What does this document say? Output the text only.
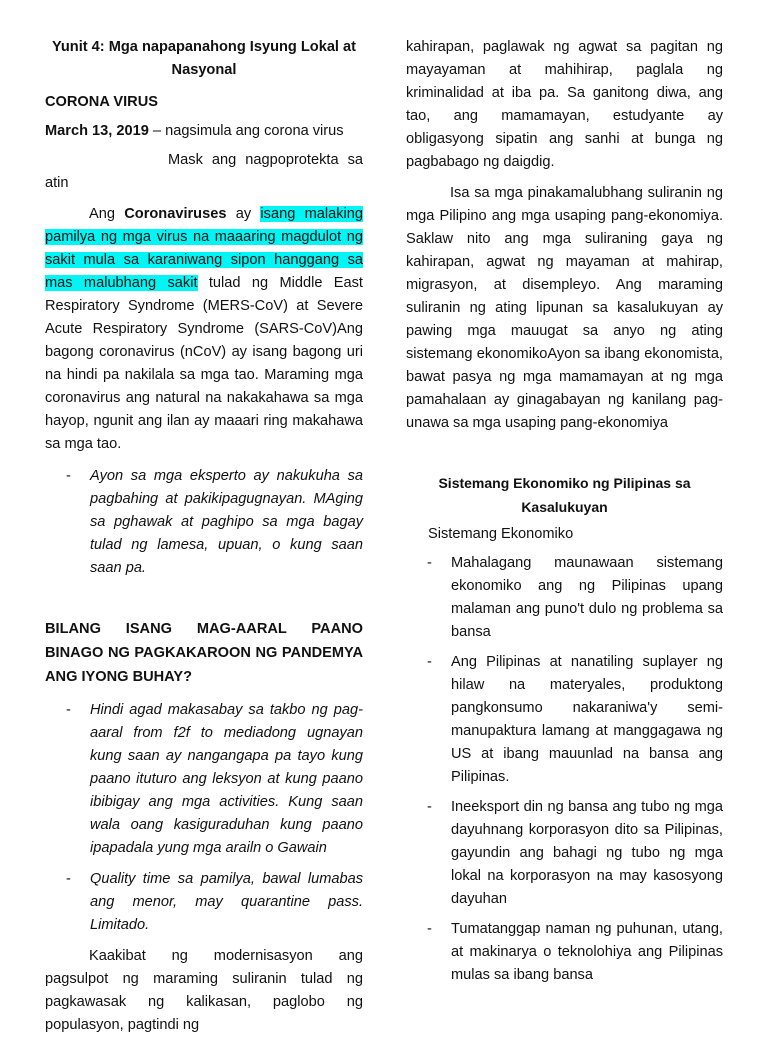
Yunit 4: Mga napapanahong Isyung Lokal at Nasyonal

CORONA VIRUS

March 13, 2019 – nagsimula ang corona virus

Mask ang nagpoprotekta sa atin

Ang Coronaviruses ay isang malaking pamilya ng mga virus na maaaring magdulot ng sakit mula sa karaniwang sipon hanggang sa mas malubhang sakit tulad ng Middle East Respiratory Syndrome (MERS-CoV) at Severe Acute Respiratory Syndrome (SARS-CoV)Ang bagong coronavirus (nCoV) ay isang bagong uri na hindi pa nakilala sa mga tao. Maraming mga coronavirus ang natural na nakakahawa sa mga hayop, ngunit ang ilan ay maaari ring makahawa sa mga tao.

- Ayon sa mga eksperto ay nakukuha sa pagbahing at pakikipagugnayan. MAging sa pghawak at paghipo sa mga bagay tulad ng lamesa, upuan, o kung saan saan pa.

BILANG ISANG MAG-AARAL PAANO BINAGO NG PAGKAKAROON NG PANDEMYA ANG IYONG BUHAY?

- Hindi agad makasabay sa takbo ng pag-aaral from f2f to mediadong ugnayan kung saan ay nangangapa pa tayo kung paano ituturo ang leksyon at kung paano ibibigay ang mga activities. Kung saan wala oang kasiguraduhan kung paano ipapadala yung mga arailn o Gawain
- Quality time sa pamilya, bawal lumabas ang menor, may quarantine pass. Limitado.

Kaakibat ng modernisasyon ang pagsulpot ng maraming suliranin tulad ng pagkawasak ng kalikasan, paglobo ng populasyon, pagtindi ng

kahirapan, paglawak ng agwat sa pagitan ng mayayaman at mahihirap, paglala ng kriminalidad at iba pa. Sa ganitong diwa, ang tao, ang mamamayan, estudyante ay obligasyong sipatin ang sanhi at bunga ng pagbabago ng daigdig.

Isa sa mga pinakamalubhang suliranin ng mga Pilipino ang mga usaping pang-ekonomiya. Saklaw nito ang mga suliraning gaya ng kahirapan, agwat ng mayaman at mahirap, migrasyon, at disempleyo. Ang maraming suliranin ng ating lipunan sa kasalukuyan ay pawing mga mauugat sa anyo ng ating sistemang ekonomikoAyon sa ibang ekonomista, bawat pasya ng mga mamamayan at ng mga pamahalaan ay ginagabayan ng kanilang pag-unawa sa mga usaping pang-ekonomiya

Sistemang Ekonomiko ng Pilipinas sa Kasalukuyan

Sistemang Ekonomiko

- Mahalagang maunawaan sistemang ekonomiko ang ng Pilipinas upang malaman ang puno't dulo ng problema sa bansa
- Ang Pilipinas at nanatiling suplayer ng hilaw na materyales, produktong pangkonsumo nakaraniwa'y semi-manupaktura lamang at manggagawa ng US at ibang mauunlad na bansa ang Pilipinas.
- Ineeksport din ng bansa ang tubo ng mga dayuhnang korporasyon dito sa Pilipinas, gayundin ang bahagi ng tubo ng mga lokal na korporasyon na may kasosyong dayuhan
- Tumatanggap naman ng puhunan, utang, at makinarya o teknolohiya ang Pilipinas mulas sa ibang bansa
